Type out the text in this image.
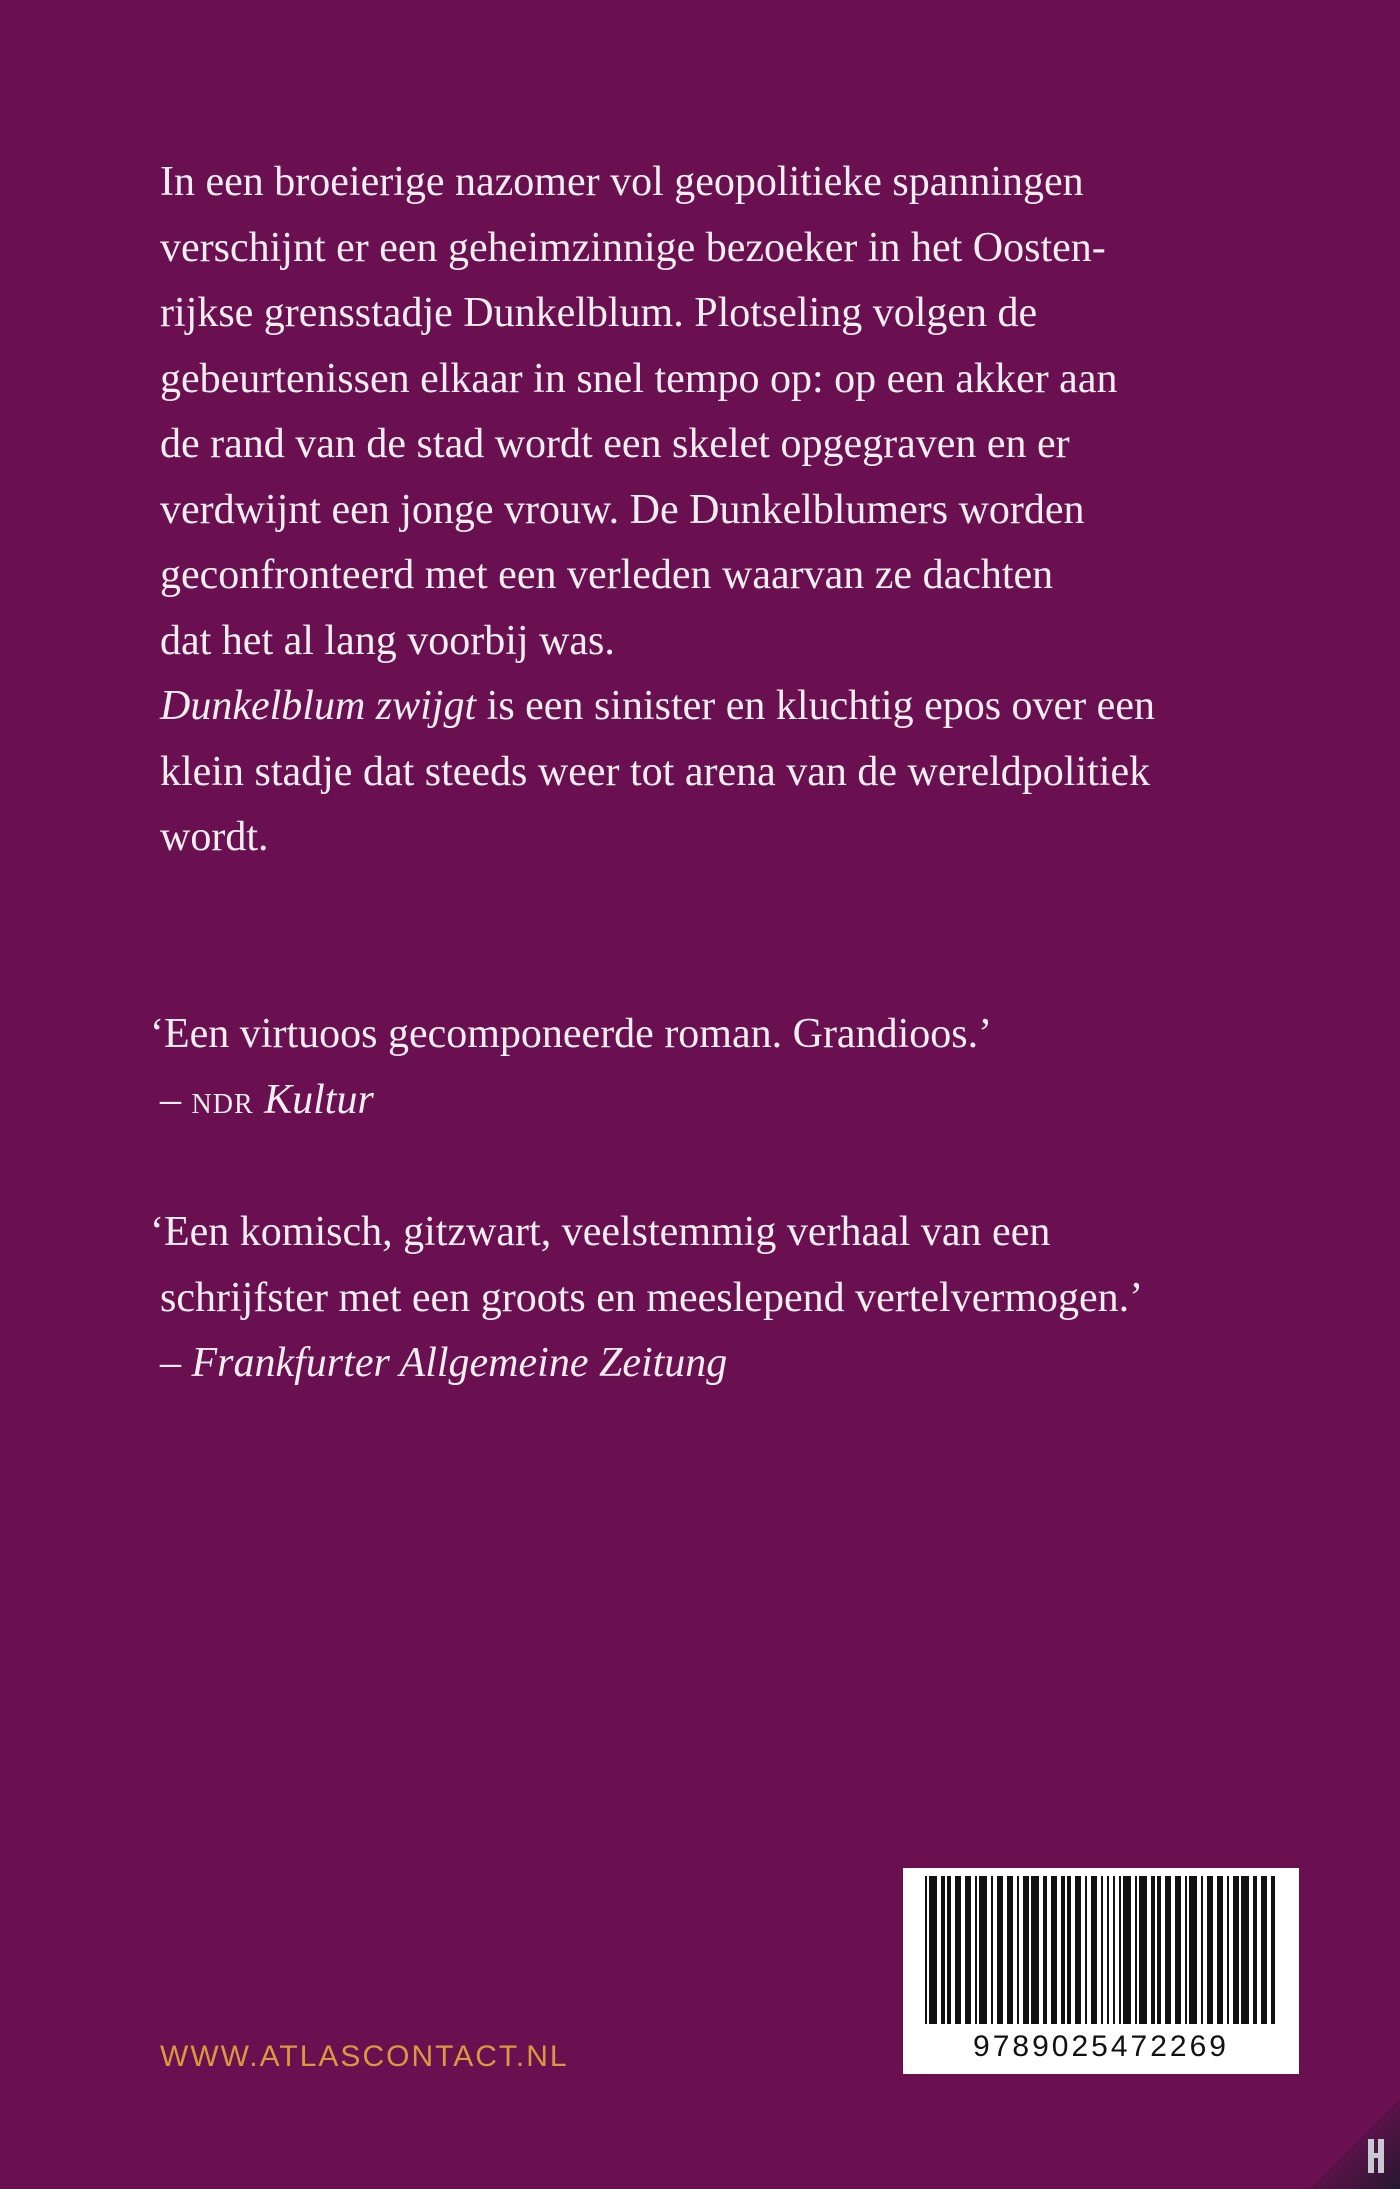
In een broeierige nazomer vol geopolitieke spanningen
verschijnt er een geheimzinnige bezoeker in het Oosten-
rijkse grensstadje Dunkelblum. Plotseling volgen de
gebeurtenissen elkaar in snel tempo op: op een akker aan
de rand van de stad wordt een skelet opgegraven en er
verdwijnt een jonge vrouw. De Dunkelblumers worden
geconfronteerd met een verleden waarvan ze dachten
dat het al lang voorbij was.
Dunkelblum zwijgt is een sinister en kluchtig epos over een
klein stadje dat steeds weer tot arena van de wereldpolitiek
wordt.
‘Een virtuoos gecomponeerde roman. Grandioos.’
– NDR Kultur
‘Een komisch, gitzwart, veelstemmig verhaal van een
schrijfster met een groots en meeslepend vertelvermogen.’
– Frankfurter Allgemeine Zeitung
WWW.ATLASCONTACT.NL	9789025472269
